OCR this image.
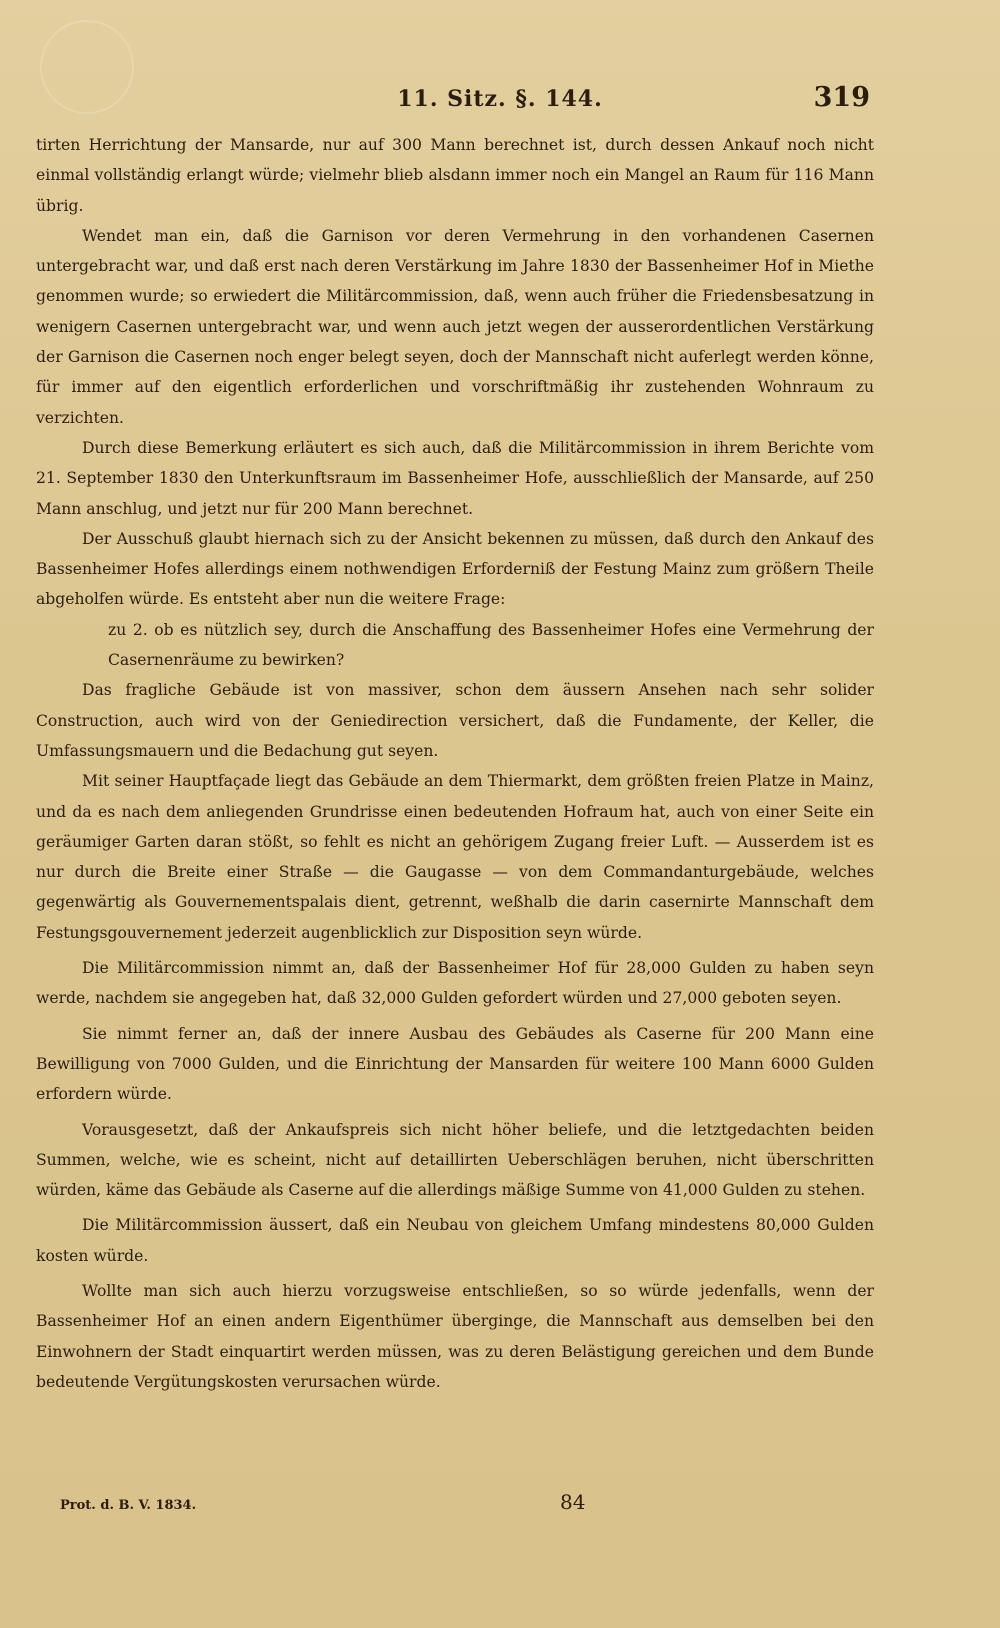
11. Sitz. §. 144.	319

tirten Herrichtung der Mansarde, nur auf 300 Mann berechnet ist, durch dessen Ankauf noch nicht einmal vollständig erlangt würde; vielmehr blieb alsdann immer noch ein Mangel an Raum für 116 Mann übrig.

Wendet man ein, daß die Garnison vor deren Vermehrung in den vorhandenen Casernen untergebracht war, und daß erst nach deren Verstärkung im Jahre 1830 der Bassenheimer Hof in Miethe genommen wurde; so erwiedert die Militärcommission, daß, wenn auch früher die Friedensbesatzung in wenigern Casernen untergebracht war, und wenn auch jetzt wegen der ausserordentlichen Verstärkung der Garnison die Casernen noch enger belegt seyen, doch der Mannschaft nicht auferlegt werden könne, für immer auf den eigentlich erforderlichen und vorschriftmäßig ihr zustehenden Wohnraum zu verzichten.

Durch diese Bemerkung erläutert es sich auch, daß die Militärcommission in ihrem Berichte vom 21. September 1830 den Unterkunftsraum im Bassenheimer Hofe, ausschließlich der Mansarde, auf 250 Mann anschlug, und jetzt nur für 200 Mann berechnet.

Der Ausschuß glaubt hiernach sich zu der Ansicht bekennen zu müssen, daß durch den Ankauf des Bassenheimer Hofes allerdings einem nothwendigen Erforderniß der Festung Mainz zum größern Theile abgeholfen würde. Es entsteht aber nun die weitere Frage:

zu 2. ob es nützlich sey, durch die Anschaffung des Bassenheimer Hofes eine Vermehrung der Casernenräume zu bewirken?

Das fragliche Gebäude ist von massiver, schon dem äussern Ansehen nach sehr solider Construction, auch wird von der Geniedirection versichert, daß die Fundamente, der Keller, die Umfassungsmauern und die Bedachung gut seyen.

Mit seiner Hauptfaçade liegt das Gebäude an dem Thiermarkt, dem größten freien Platze in Mainz, und da es nach dem anliegenden Grundrisse einen bedeutenden Hofraum hat, auch von einer Seite ein geräumiger Garten daran stößt, so fehlt es nicht an gehörigem Zugang freier Luft. — Ausserdem ist es nur durch die Breite einer Straße — die Gaugasse — von dem Commandanturgebäude, welches gegenwärtig als Gouvernementspalais dient, getrennt, weßhalb die darin casernirte Mannschaft dem Festungsgouvernement jederzeit augenblicklich zur Disposition seyn würde.

Die Militärcommission nimmt an, daß der Bassenheimer Hof für 28,000 Gulden zu haben seyn werde, nachdem sie angegeben hat, daß 32,000 Gulden gefordert würden und 27,000 geboten seyen.

Sie nimmt ferner an, daß der innere Ausbau des Gebäudes als Caserne für 200 Mann eine Bewilligung von 7000 Gulden, und die Einrichtung der Mansarden für weitere 100 Mann 6000 Gulden erfordern würde.

Vorausgesetzt, daß der Ankaufspreis sich nicht höher beliefe, und die letztgedachten beiden Summen, welche, wie es scheint, nicht auf detaillirten Ueberschlägen beruhen, nicht überschritten würden, käme das Gebäude als Caserne auf die allerdings mäßige Summe von 41,000 Gulden zu stehen.

Die Militärcommission äussert, daß ein Neubau von gleichem Umfang mindestens 80,000 Gulden kosten würde.

Wollte man sich auch hierzu vorzugsweise entschließen, so so würde jedenfalls, wenn der Bassenheimer Hof an einen andern Eigenthümer überginge, die Mannschaft aus demselben bei den Einwohnern der Stadt einquartirt werden müssen, was zu deren Belästigung gereichen und dem Bunde bedeutende Vergütungskosten verursachen würde.

Prot. d. B. V. 1834.	84
